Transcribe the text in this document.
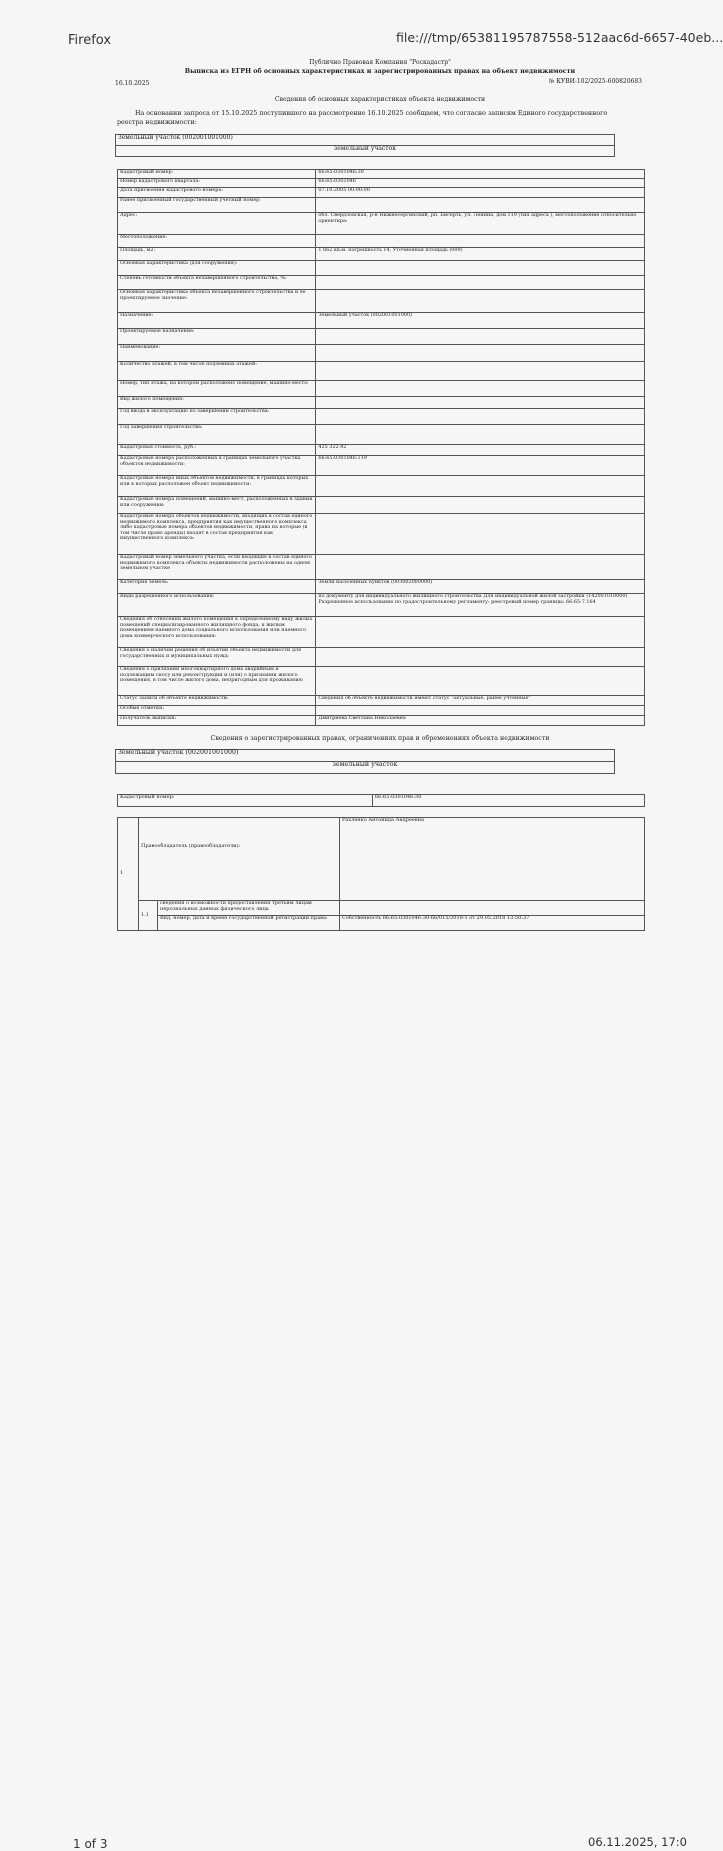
Firefox	file:///tmp/65381195787558-512aac6d-6657-40eb...
Публично Правовая Компания "Роскадастр"
Выписка из ЕГРН об основных характеристиках и зарегистрированных правах на объект недвижимости
16.10.2025	№ КУВИ-102/2025-600820683
Сведения об основных характеристиках объекта недвижимости
На основании запроса от 15.10.2025 поступившего на рассмотрение 16.10.2025 сообщаем, что согласно записям Единого государственного реестра недвижимости:
Земельный участок (002001001000)
земельный участок
Кадастровый номер:	66:65:0301046:30
Номер кадастрового квартала:	66:65:0301046
Дата присвоения кадастрового номера:	07.10.2005 00:00:00
Ранее присвоенный государственный учетный номер:	
Адрес:	обл. Свердловская, р-н Нижнесергинский, рп. Бисерть, ул. Ленина, дом 119 (тип адреса ), местоположение относительно ориентира:
Местоположение:	
Площадь, м2:	1 662 кв.м. погрешность 14, Уточненная площадь (009)
Основная характеристика (для сооружения):	
Степень готовности объекта незавершенного строительства, %:	
Основная характеристика объекта незавершенного строительства и ее проектируемое значение:	
Назначение:	Земельный участок (002001001000)
Проектируемое назначение:	
Наименование:	
Количество этажей, в том числе подземных этажей:	
Номер, тип этажа, на котором расположено помещение, машино-место:	
Вид жилого помещения:	
Год ввода в эксплуатацию по завершении строительства:	
Год завершения строительства:	
Кадастровая стоимость, руб.:	425 322.42
Кадастровые номера расположенных в границах земельного участка объектов недвижимости:	66:65:0301046:119
Кадастровые номера иных объектов недвижимости, в границах которых или в которых расположен объект недвижимости:	
Кадастровые номера помещений, машино-мест, расположенных в здании или сооружении:	
Кадастровые номера объектов недвижимости, входящих в состав единого недвижимого комплекса, предприятия как имущественного комплекса либо кадастровые номера объектов недвижимости, права на которые (в том числе право аренды) входят в состав предприятия как имущественного комплекса:	
Кадастровый номер земельного участка, если входящие в состав единого недвижимого комплекса объекты недвижимости расположены на одном земельном участке	
Категория земель:	Земли населенных пунктов (003002000000)
Виды разрешенного использования:	по документу для индивидуального жилищного строительства Для индивидуальной жилой застройки (142001010000) Разрешенное использование по градостроительному регламенту: реестровый номер границы: 66:65-7.164
Сведения об отнесении жилого помещения к определенному виду жилых помещений специализированного жилищного фонда, к жилым помещениям наемного дома социального использования или наемного дома коммерческого использования:	
Сведения о наличии решения об изъятии объекта недвижимости для государственных и муниципальных нужд:	
Сведения о признании многоквартирного дома аварийным и подлежащим сносу или реконструкции и (или) о признании жилого помещения, в том числе жилого дома, непригодным для проживания:	
Статус записи об объекте недвижимости:	Сведения об объекте недвижимости имеют статус "актуальные, ранее учтенные"
Особые отметки:	
Получатель выписки:	Дмитриева Светлана Николаевна
Сведения о зарегистрированных правах, ограничениях прав и обременениях объекта недвижимости
Земельный участок (002001001000)
земельный участок
Кадастровый номер:	66:65:0301046:30
1	Правообладатель (правообладатели):		Рахленко Антонида Андреевна
	1.1	сведения о возможности предоставления третьим лицам персональных данных физического лица	
		Вид, номер, дата и время государственной регистрации права:	Собственность 66:65:0301046:30-66/015/2018-1 от 29.05.2018 13:50:37
1 of 3	06.11.2025, 17:0
